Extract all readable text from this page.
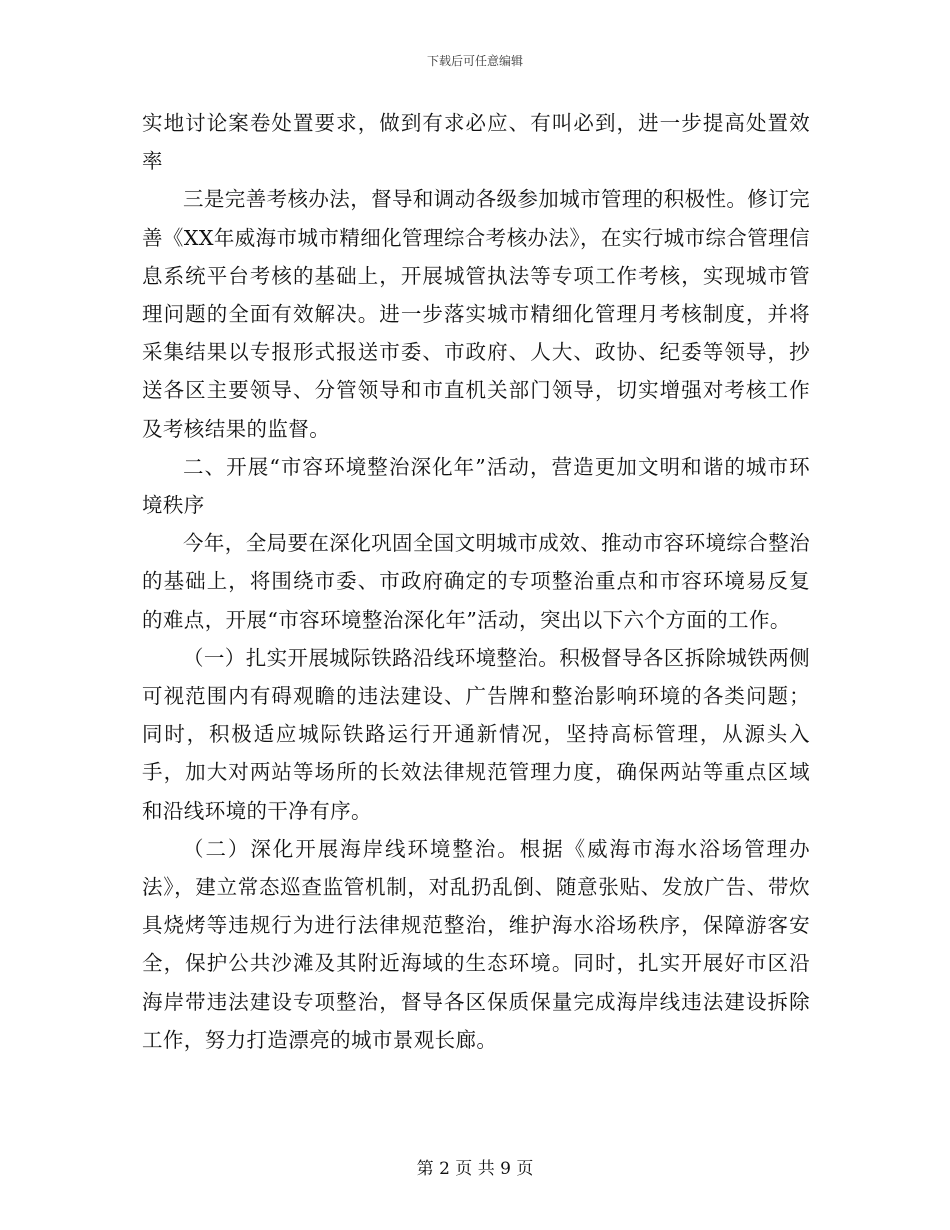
下载后可任意编辑

实地讨论案卷处置要求，做到有求必应、有叫必到，进一步提高处置效率

三是完善考核办法，督导和调动各级参加城市管理的积极性。修订完善《XX年威海市城市精细化管理综合考核办法》，在实行城市综合管理信息系统平台考核的基础上，开展城管执法等专项工作考核，实现城市管理问题的全面有效解决。进一步落实城市精细化管理月考核制度，并将采集结果以专报形式报送市委、市政府、人大、政协、纪委等领导，抄送各区主要领导、分管领导和市直机关部门领导，切实增强对考核工作及考核结果的监督。

二、开展“市容环境整治深化年”活动，营造更加文明和谐的城市环境秩序

今年，全局要在深化巩固全国文明城市成效、推动市容环境综合整治的基础上，将围绕市委、市政府确定的专项整治重点和市容环境易反复的难点，开展“市容环境整治深化年”活动，突出以下六个方面的工作。

（一）扎实开展城际铁路沿线环境整治。积极督导各区拆除城铁两侧可视范围内有碍观瞻的违法建设、广告牌和整治影响环境的各类问题；同时，积极适应城际铁路运行开通新情况，坚持高标管理，从源头入手，加大对两站等场所的长效法律规范管理力度，确保两站等重点区域和沿线环境的干净有序。

（二）深化开展海岸线环境整治。根据《威海市海水浴场管理办法》，建立常态巡查监管机制，对乱扔乱倒、随意张贴、发放广告、带炊具烧烤等违规行为进行法律规范整治，维护海水浴场秩序，保障游客安全，保护公共沙滩及其附近海域的生态环境。同时，扎实开展好市区沿海岸带违法建设专项整治，督导各区保质保量完成海岸线违法建设拆除工作，努力打造漂亮的城市景观长廊。

第 2 页 共 9 页
